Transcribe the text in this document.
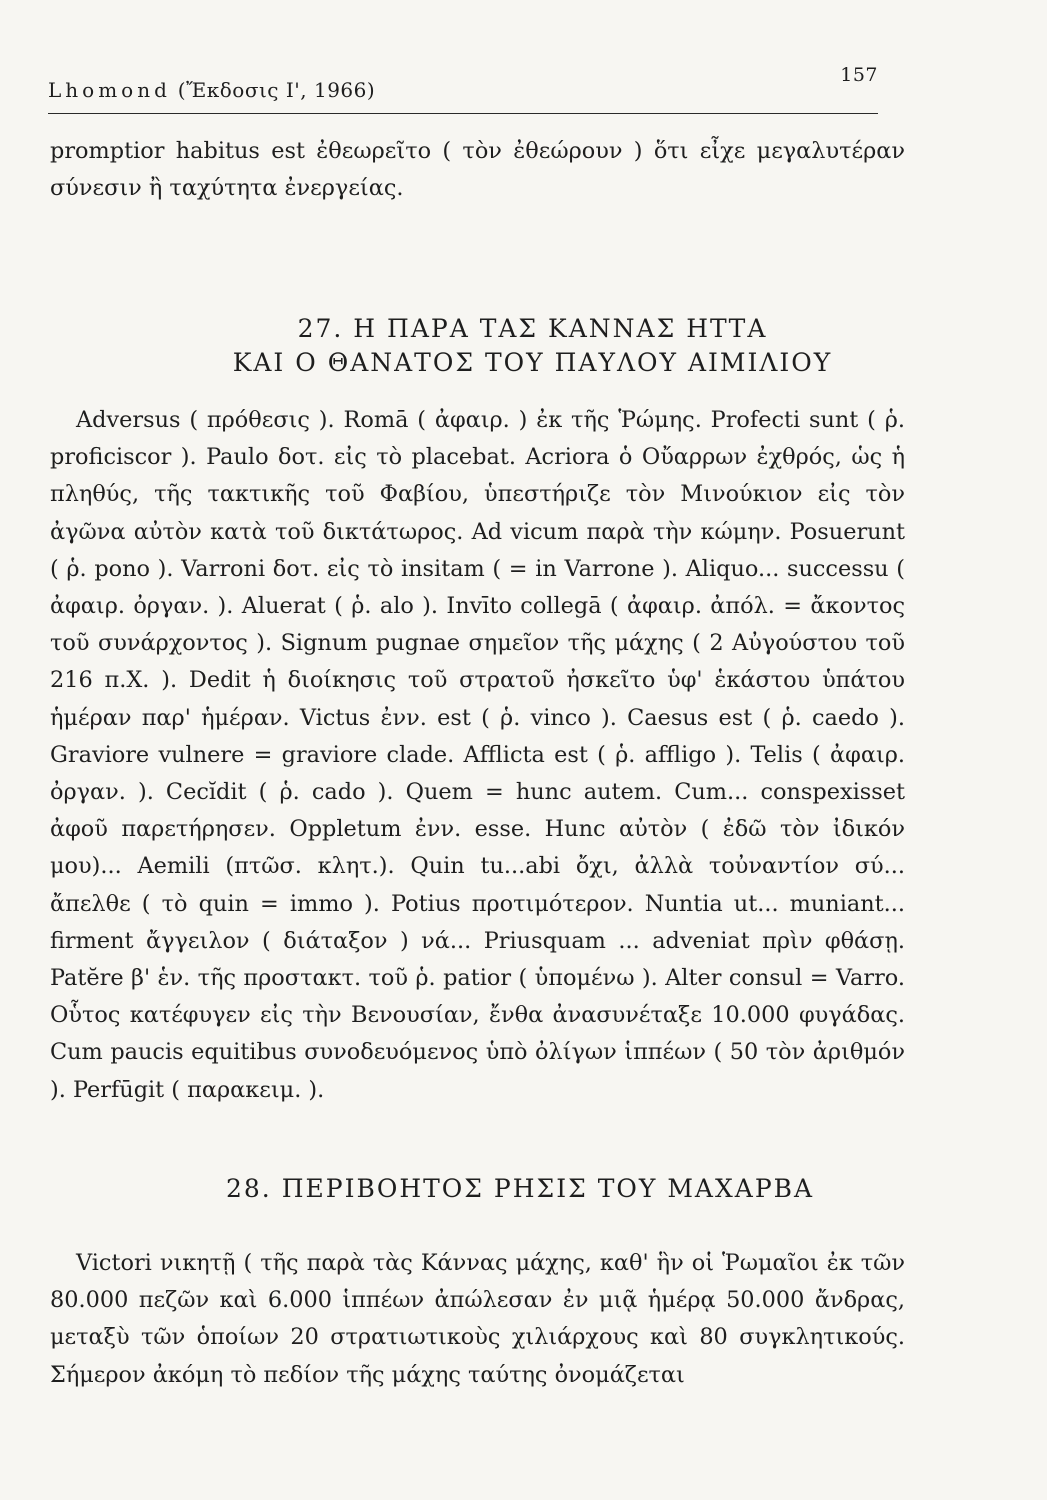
Lhomond (Ἔκδοσις Ι', 1966)
157

promptior habitus est ἐθεωρεῖτο ( τὸν ἐθεώρουν ) ὅτι εἶχε μεγαλυτέραν σύνεσιν ἢ ταχύτητα ἐνεργείας.

27. Η ΠΑΡΑ ΤΑΣ ΚΑΝΝΑΣ ΗΤΤΑ
ΚΑΙ Ο ΘΑΝΑΤΟΣ ΤΟΥ ΠΑΥΛΟΥ ΑΙΜΙΛΙΟΥ

Adversus ( πρόθεσις ). Romā ( ἀφαιρ. ) ἐκ τῆς Ῥώμης. Profecti sunt ( ῥ. proficiscor ). Paulo δοτ. εἰς τὸ placebat. Acriora ὁ Οὔαρρων ἐχθρός, ὡς ἡ πληθύς, τῆς τακτικῆς τοῦ Φαβίου, ὑπεστήριζε τὸν Μινούκιον εἰς τὸν ἀγῶνα αὐτὸν κατὰ τοῦ δικτάτωρος. Ad vicum παρὰ τὴν κώμην. Posuerunt ( ῥ. pono ). Varroni δοτ. εἰς τὸ insitam ( = in Varrone ). Aliquo... successu ( ἀφαιρ. ὀργαν. ). Aluerat ( ῥ. alo ). Invīto collegā ( ἀφαιρ. ἀπόλ. = ἄκοντος τοῦ συνάρχοντος ). Signum pugnae σημεῖον τῆς μάχης ( 2 Αὐγούστου τοῦ 216 π.Χ. ). Dedit ἡ διοίκησις τοῦ στρατοῦ ἠσκεῖτο ὑφ' ἑκάστου ὑπάτου ἡμέραν παρ' ἡμέραν. Victus ἐνν. est ( ῥ. vinco ). Caesus est ( ῥ. caedo ). Graviore vulnere = graviore clade. Afflicta est ( ῥ. affligo ). Telis ( ἀφαιρ. ὀργαν. ). Cecĭdit ( ῥ. cado ). Quem = hunc autem. Cum... conspexisset ἀφοῦ παρετήρησεν. Oppletum ἐνν. esse. Hunc αὐτὸν ( ἐδῶ τὸν ἰδικόν μου)... Aemili (πτῶσ. κλητ.). Quin tu...abi ὄχι, ἀλλὰ τοὐναντίον σύ... ἄπελθε ( τὸ quin = immo ). Potius προτιμότερον. Nuntia ut... muniant... firment ἄγγειλον ( διάταξον ) νά... Priusquam ... adveniat πρὶν φθάσῃ. Patĕre β' ἑν. τῆς προστακτ. τοῦ ῥ. patior ( ὑπομένω ). Alter consul = Varro. Οὗτος κατέφυγεν εἰς τὴν Βενουσίαν, ἔνθα ἀνασυνέταξε 10.000 φυγάδας. Cum paucis equitibus συνοδευόμενος ὑπὸ ὀλίγων ἱππέων ( 50 τὸν ἀριθμόν ). Perfūgit ( παρακειμ. ).

28. ΠΕΡΙΒΟΗΤΟΣ ΡΗΣΙΣ ΤΟΥ ΜΑΧΑΡΒΑ

Victori νικητῇ ( τῆς παρὰ τὰς Κάννας μάχης, καθ' ἣν οἱ Ῥωμαῖοι ἐκ τῶν 80.000 πεζῶν καὶ 6.000 ἱππέων ἀπώλεσαν ἐν μιᾷ ἡμέρᾳ 50.000 ἄνδρας, μεταξὺ τῶν ὁποίων 20 στρατιωτικοὺς χιλιάρχους καὶ 80 συγκλητικούς. Σήμερον ἀκόμη τὸ πεδίον τῆς μάχης ταύτης ὀνομάζεται
